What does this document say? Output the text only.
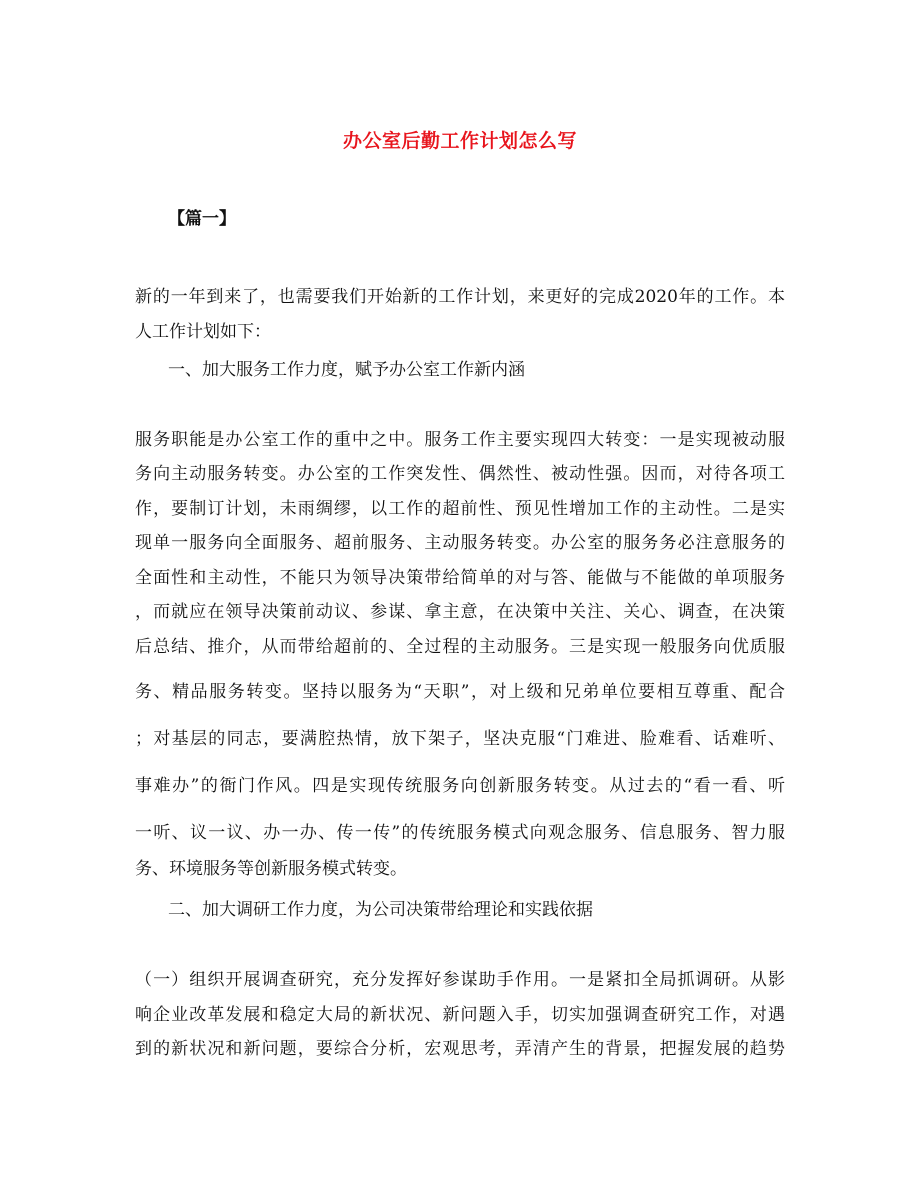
办公室后勤工作计划怎么写
【篇一】
新的一年到来了，也需要我们开始新的工作计划，来更好的完成2020年的工作。本
人工作计划如下：
一、加大服务工作力度，赋予办公室工作新内涵
服务职能是办公室工作的重中之中。服务工作主要实现四大转变：一是实现被动服
务向主动服务转变。办公室的工作突发性、偶然性、被动性强。因而，对待各项工
作，要制订计划，未雨绸缪，以工作的超前性、预见性增加工作的主动性。二是实
现单一服务向全面服务、超前服务、主动服务转变。办公室的服务务必注意服务的
全面性和主动性，不能只为领导决策带给简单的对与答、能做与不能做的单项服务
，而就应在领导决策前动议、参谋、拿主意，在决策中关注、关心、调查，在决策
后总结、推介，从而带给超前的、全过程的主动服务。三是实现一般服务向优质服
务、精品服务转变。坚持以服务为“天职”，对上级和兄弟单位要相互尊重、配合
；对基层的同志，要满腔热情，放下架子，坚决克服“门难进、脸难看、话难听、
事难办”的衙门作风。四是实现传统服务向创新服务转变。从过去的“看一看、听
一听、议一议、办一办、传一传”的传统服务模式向观念服务、信息服务、智力服
务、环境服务等创新服务模式转变。
二、加大调研工作力度，为公司决策带给理论和实践依据
（一）组织开展调查研究，充分发挥好参谋助手作用。一是紧扣全局抓调研。从影
响企业改革发展和稳定大局的新状况、新问题入手，切实加强调查研究工作，对遇
到的新状况和新问题，要综合分析，宏观思考，弄清产生的背景，把握发展的趋势
